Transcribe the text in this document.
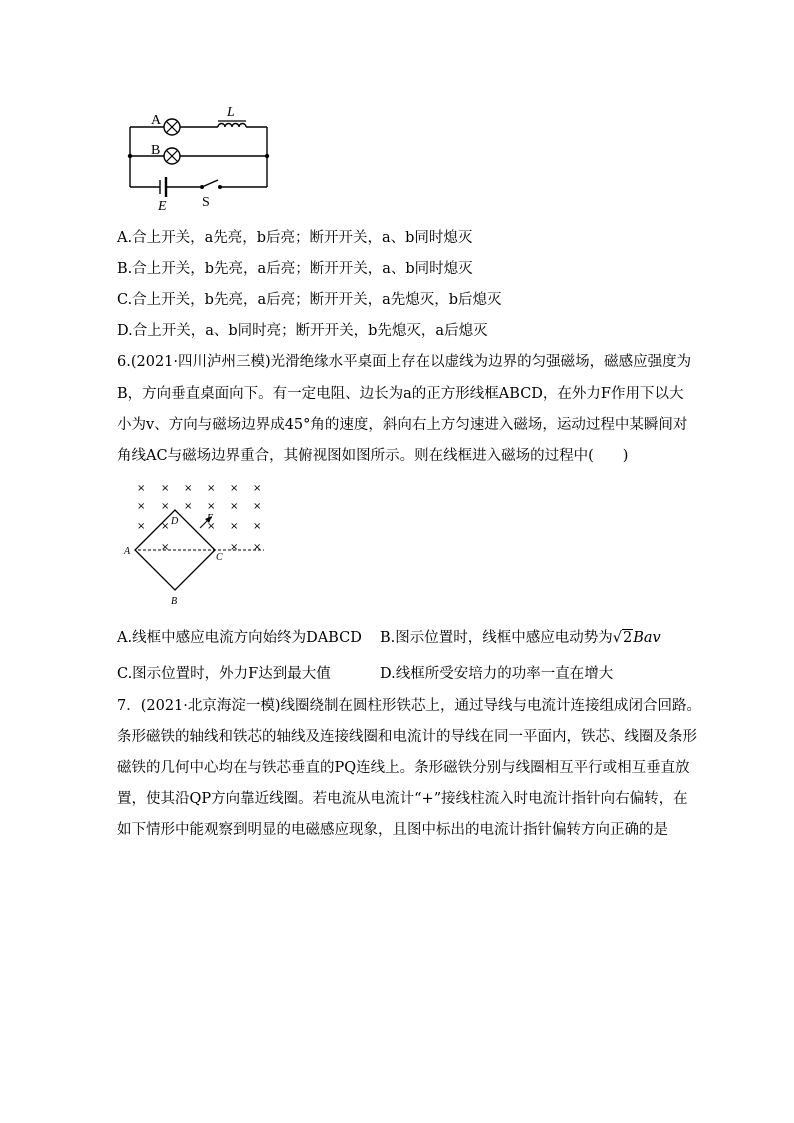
A
B
L
E	S
A.合上开关，a先亮，b后亮；断开开关，a、b同时熄灭
B.合上开关，b先亮，a后亮；断开开关，a、b同时熄灭
C.合上开关，b先亮，a后亮；断开开关，a先熄灭，b后熄灭
D.合上开关，a、b同时亮；断开开关，b先熄灭，a后熄灭
6.(2021·四川泸州三模)光滑绝缘水平桌面上存在以虚线为边界的匀强磁场，磁感应强度为
B，方向垂直桌面向下。有一定电阻、边长为a的正方形线框ABCD，在外力F作用下以大
小为v、方向与磁场边界成45°角的速度，斜向右上方匀速进入磁场，运动过程中某瞬间对
角线AC与磁场边界重合，其俯视图如图所示。则在线框进入磁场的过程中(　　)
× × × × × ×
× × × × × ×
× ×	× × ×
×	× ×
A
B
C
D	F
A.线框中感应电流方向始终为DABCD B.图示位置时，线框中感应电动势为√2Bav
C.图示位置时，外力F达到最大值	D.线框所受安培力的功率一直在增大
7．(2021·北京海淀一模)线圈绕制在圆柱形铁芯上，通过导线与电流计连接组成闭合回路。
条形磁铁的轴线和铁芯的轴线及连接线圈和电流计的导线在同一平面内，铁芯、线圈及条形
磁铁的几何中心均在与铁芯垂直的PQ连线上。条形磁铁分别与线圈相互平行或相互垂直放
置，使其沿QP方向靠近线圈。若电流从电流计“+”接线柱流入时电流计指针向右偏转，在
如下情形中能观察到明显的电磁感应现象，且图中标出的电流计指针偏转方向正确的是
